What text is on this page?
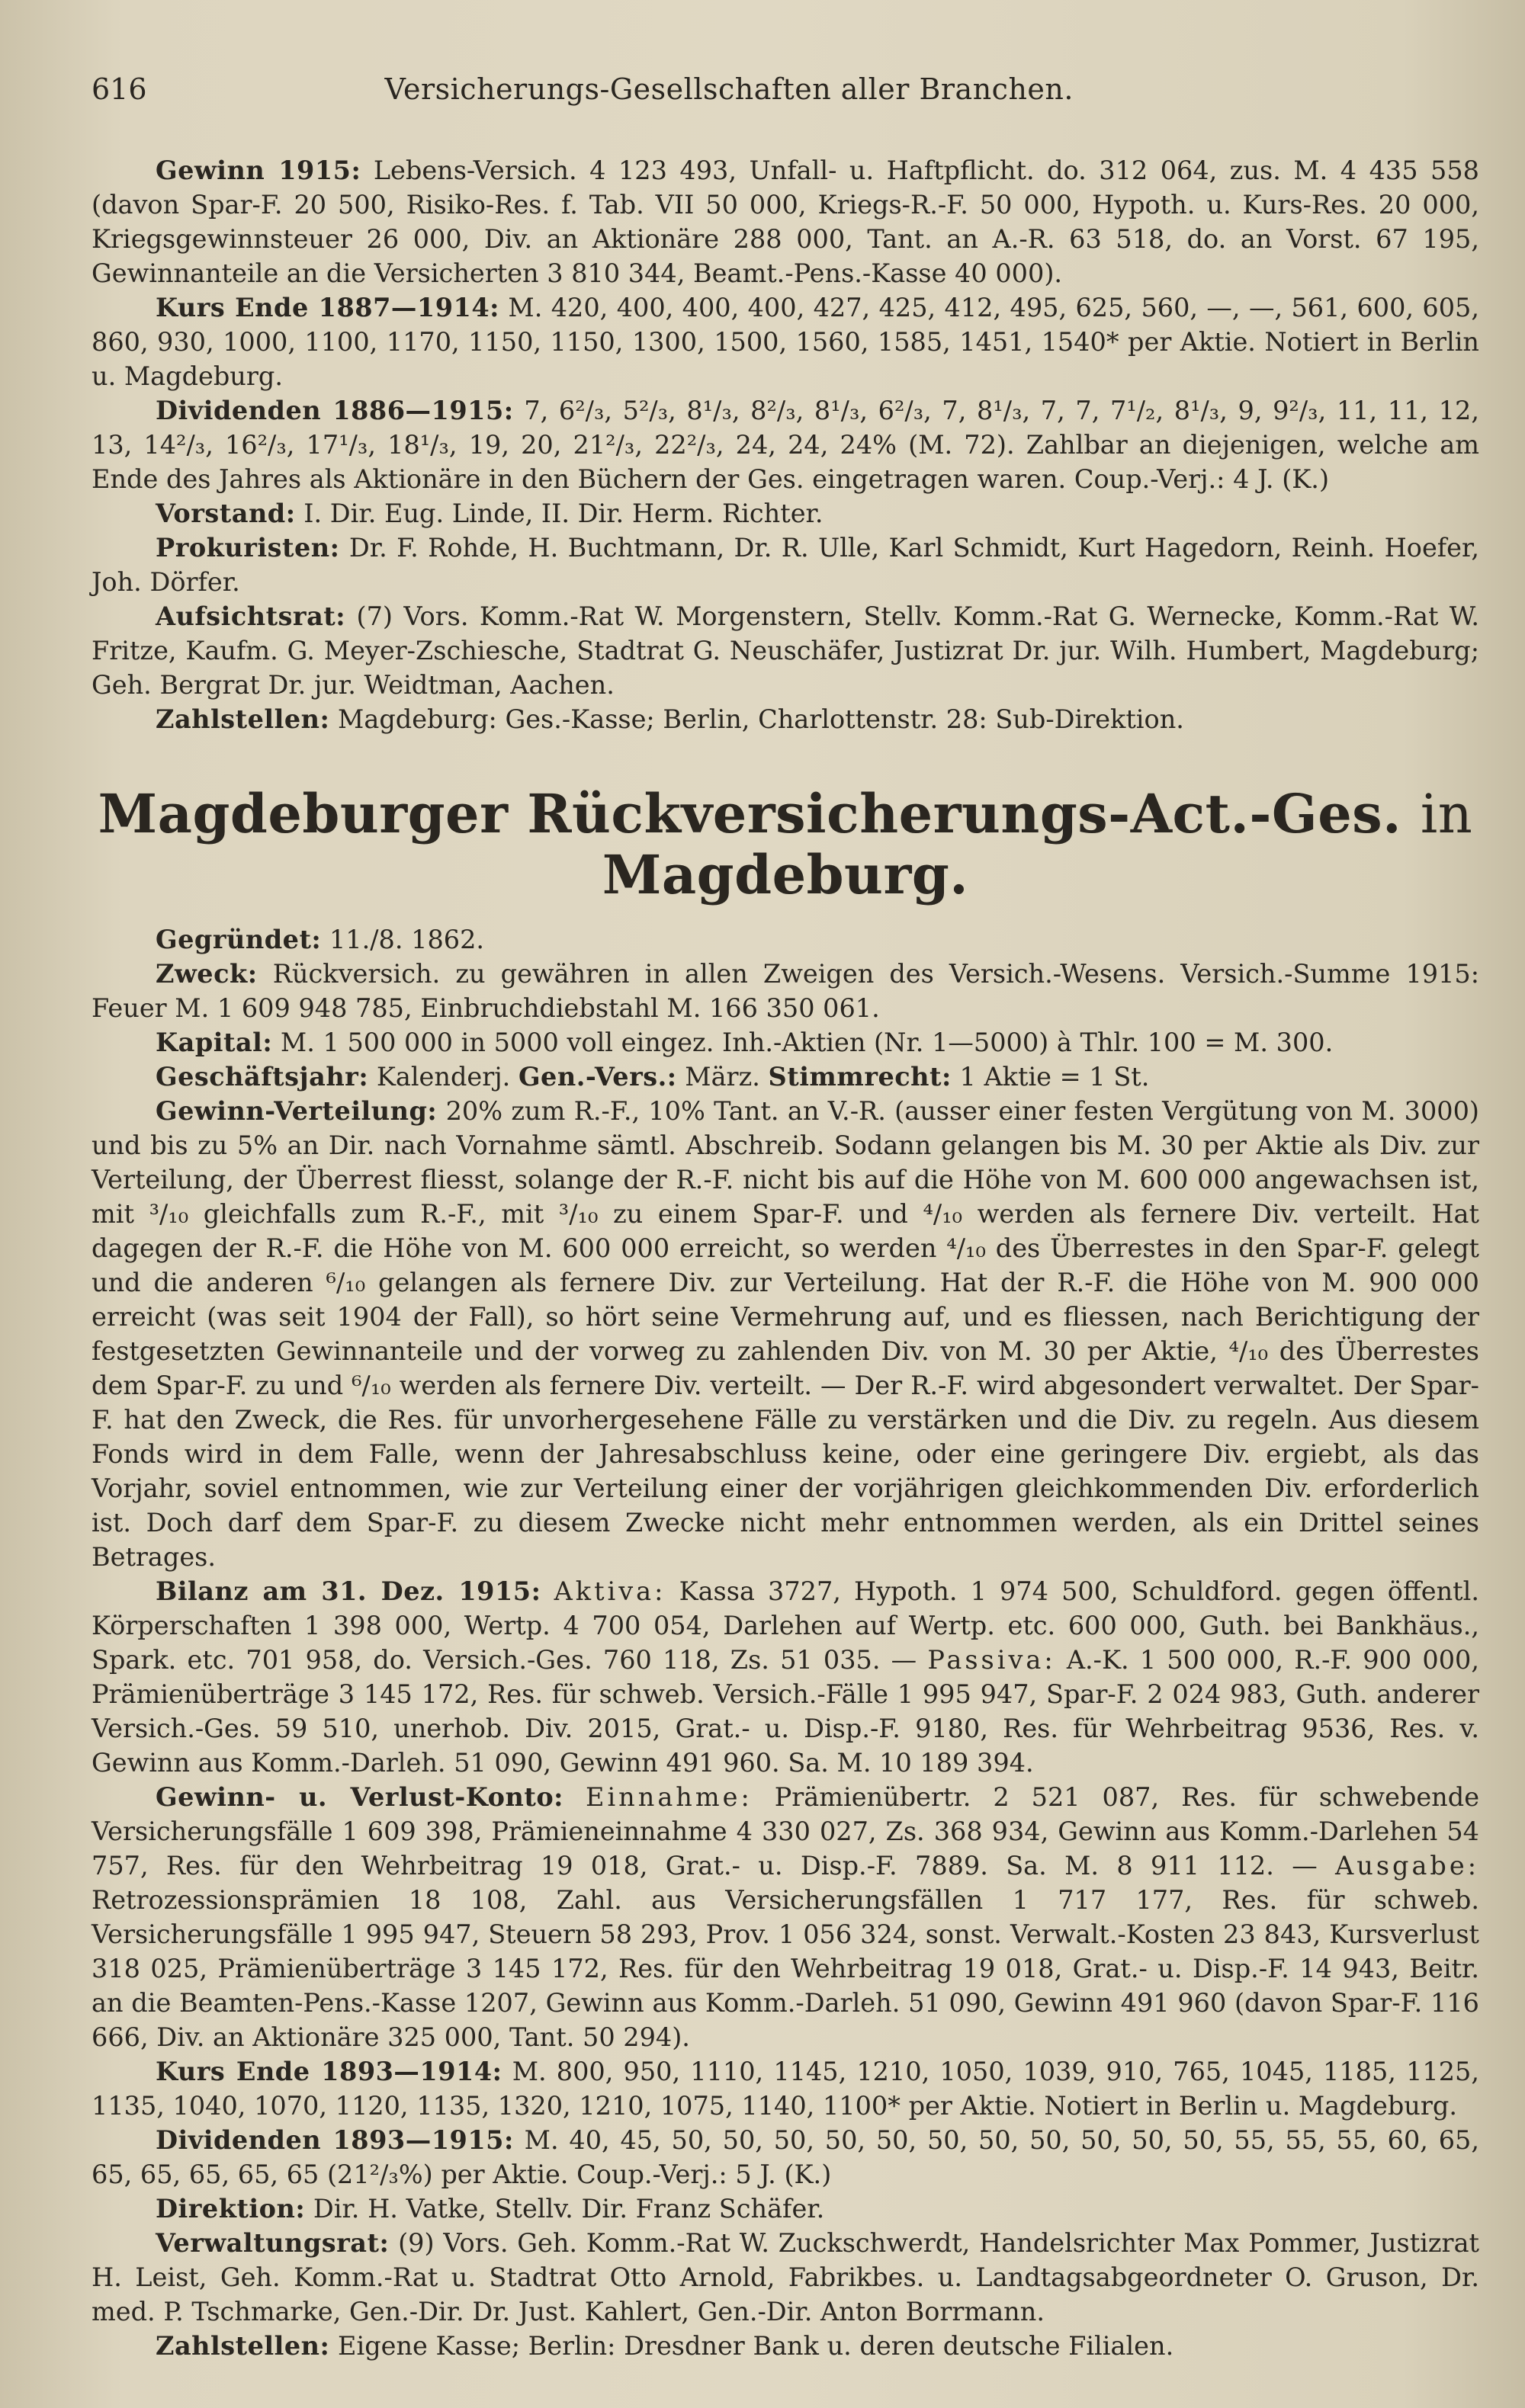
616	Versicherungs-Gesellschaften aller Branchen.

Gewinn 1915: Lebens-Versich. 4 123 493, Unfall- u. Haftpflicht. do. 312 064, zus. M. 4 435 558 (davon Spar-F. 20 500, Risiko-Res. f. Tab. VII 50 000, Kriegs-R.-F. 50 000, Hypoth. u. Kurs-Res. 20 000, Kriegsgewinnsteuer 26 000, Div. an Aktionäre 288 000, Tant. an A.-R. 63 518, do. an Vorst. 67 195, Gewinnanteile an die Versicherten 3 810 344, Beamt.-Pens.-Kasse 40 000).

Kurs Ende 1887—1914: M. 420, 400, 400, 400, 427, 425, 412, 495, 625, 560, —, —, 561, 600, 605, 860, 930, 1000, 1100, 1170, 1150, 1150, 1300, 1500, 1560, 1585, 1451, 1540* per Aktie. Notiert in Berlin u. Magdeburg.

Dividenden 1886—1915: 7, 6²/₃, 5²/₃, 8¹/₃, 8²/₃, 8¹/₃, 6²/₃, 7, 8¹/₃, 7, 7, 7¹/₂, 8¹/₃, 9, 9²/₃, 11, 11, 12, 13, 14²/₃, 16²/₃, 17¹/₃, 18¹/₃, 19, 20, 21²/₃, 22²/₃, 24, 24, 24% (M. 72). Zahlbar an diejenigen, welche am Ende des Jahres als Aktionäre in den Büchern der Ges. eingetragen waren. Coup.-Verj.: 4 J. (K.)

Vorstand: I. Dir. Eug. Linde, II. Dir. Herm. Richter.

Prokuristen: Dr. F. Rohde, H. Buchtmann, Dr. R. Ulle, Karl Schmidt, Kurt Hagedorn, Reinh. Hoefer, Joh. Dörfer.

Aufsichtsrat: (7) Vors. Komm.-Rat W. Morgenstern, Stellv. Komm.-Rat G. Wernecke, Komm.-Rat W. Fritze, Kaufm. G. Meyer-Zschiesche, Stadtrat G. Neuschäfer, Justizrat Dr. jur. Wilh. Humbert, Magdeburg; Geh. Bergrat Dr. jur. Weidtman, Aachen.

Zahlstellen: Magdeburg: Ges.-Kasse; Berlin, Charlottenstr. 28: Sub-Direktion.

Magdeburger Rückversicherungs-Act.-Ges. in Magdeburg.

Gegründet: 11./8. 1862.

Zweck: Rückversich. zu gewähren in allen Zweigen des Versich.-Wesens. Versich.-Summe 1915: Feuer M. 1 609 948 785, Einbruchdiebstahl M. 166 350 061.

Kapital: M. 1 500 000 in 5000 voll eingez. Inh.-Aktien (Nr. 1—5000) à Thlr. 100 = M. 300.

Geschäftsjahr: Kalenderj. Gen.-Vers.: März. Stimmrecht: 1 Aktie = 1 St.

Gewinn-Verteilung: 20% zum R.-F., 10% Tant. an V.-R. (ausser einer festen Vergütung von M. 3000) und bis zu 5% an Dir. nach Vornahme sämtl. Abschreib. Sodann gelangen bis M. 30 per Aktie als Div. zur Verteilung, der Überrest fliesst, solange der R.-F. nicht bis auf die Höhe von M. 600 000 angewachsen ist, mit ³/₁₀ gleichfalls zum R.-F., mit ³/₁₀ zu einem Spar-F. und ⁴/₁₀ werden als fernere Div. verteilt. Hat dagegen der R.-F. die Höhe von M. 600 000 erreicht, so werden ⁴/₁₀ des Überrestes in den Spar-F. gelegt und die anderen ⁶/₁₀ gelangen als fernere Div. zur Verteilung. Hat der R.-F. die Höhe von M. 900 000 erreicht (was seit 1904 der Fall), so hört seine Vermehrung auf, und es fliessen, nach Berichtigung der festgesetzten Gewinnanteile und der vorweg zu zahlenden Div. von M. 30 per Aktie, ⁴/₁₀ des Überrestes dem Spar-F. zu und ⁶/₁₀ werden als fernere Div. verteilt. — Der R.-F. wird abgesondert verwaltet. Der Spar-F. hat den Zweck, die Res. für unvorhergesehene Fälle zu verstärken und die Div. zu regeln. Aus diesem Fonds wird in dem Falle, wenn der Jahresabschluss keine, oder eine geringere Div. ergiebt, als das Vorjahr, soviel entnommen, wie zur Verteilung einer der vorjährigen gleichkommenden Div. erforderlich ist. Doch darf dem Spar-F. zu diesem Zwecke nicht mehr entnommen werden, als ein Drittel seines Betrages.

Bilanz am 31. Dez. 1915: Aktiva: Kassa 3727, Hypoth. 1 974 500, Schuldford. gegen öffentl. Körperschaften 1 398 000, Wertp. 4 700 054, Darlehen auf Wertp. etc. 600 000, Guth. bei Bankhäus., Spark. etc. 701 958, do. Versich.-Ges. 760 118, Zs. 51 035. — Passiva: A.-K. 1 500 000, R.-F. 900 000, Prämienüberträge 3 145 172, Res. für schweb. Versich.-Fälle 1 995 947, Spar-F. 2 024 983, Guth. anderer Versich.-Ges. 59 510, unerhob. Div. 2015, Grat.- u. Disp.-F. 9180, Res. für Wehrbeitrag 9536, Res. v. Gewinn aus Komm.-Darleh. 51 090, Gewinn 491 960. Sa. M. 10 189 394.

Gewinn- u. Verlust-Konto: Einnahme: Prämienübertr. 2 521 087, Res. für schwebende Versicherungsfälle 1 609 398, Prämieneinnahme 4 330 027, Zs. 368 934, Gewinn aus Komm.-Darlehen 54 757, Res. für den Wehrbeitrag 19 018, Grat.- u. Disp.-F. 7889. Sa. M. 8 911 112. — Ausgabe: Retrozessionsprämien 18 108, Zahl. aus Versicherungsfällen 1 717 177, Res. für schweb. Versicherungsfälle 1 995 947, Steuern 58 293, Prov. 1 056 324, sonst. Verwalt.-Kosten 23 843, Kursverlust 318 025, Prämienüberträge 3 145 172, Res. für den Wehrbeitrag 19 018, Grat.- u. Disp.-F. 14 943, Beitr. an die Beamten-Pens.-Kasse 1207, Gewinn aus Komm.-Darleh. 51 090, Gewinn 491 960 (davon Spar-F. 116 666, Div. an Aktionäre 325 000, Tant. 50 294).

Kurs Ende 1893—1914: M. 800, 950, 1110, 1145, 1210, 1050, 1039, 910, 765, 1045, 1185, 1125, 1135, 1040, 1070, 1120, 1135, 1320, 1210, 1075, 1140, 1100* per Aktie. Notiert in Berlin u. Magdeburg.

Dividenden 1893—1915: M. 40, 45, 50, 50, 50, 50, 50, 50, 50, 50, 50, 50, 50, 55, 55, 55, 60, 65, 65, 65, 65, 65, 65 (21²/₃%) per Aktie. Coup.-Verj.: 5 J. (K.)

Direktion: Dir. H. Vatke, Stellv. Dir. Franz Schäfer.

Verwaltungsrat: (9) Vors. Geh. Komm.-Rat W. Zuckschwerdt, Handelsrichter Max Pommer, Justizrat H. Leist, Geh. Komm.-Rat u. Stadtrat Otto Arnold, Fabrikbes. u. Landtagsabgeordneter O. Gruson, Dr. med. P. Tschmarke, Gen.-Dir. Dr. Just. Kahlert, Gen.-Dir. Anton Borrmann.

Zahlstellen: Eigene Kasse; Berlin: Dresdner Bank u. deren deutsche Filialen.
